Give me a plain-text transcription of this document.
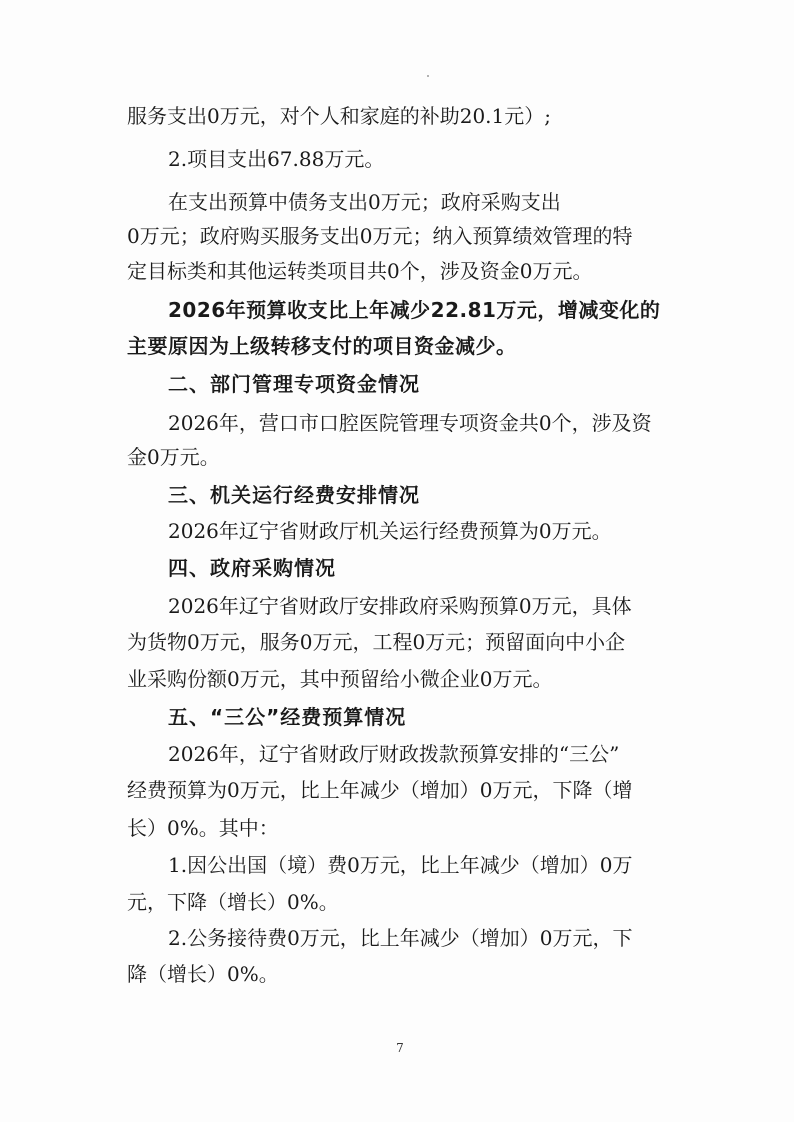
服务支出0万元，对个人和家庭的补助20.1元）;
2.项目支出67.88万元。
在支出预算中债务支出0万元；政府采购支出
0万元；政府购买服务支出0万元；纳入预算绩效管理的特
定目标类和其他运转类项目共0个，涉及资金0万元。
2026年预算收支比上年减少22.81万元，增减变化的
主要原因为上级转移支付的项目资金减少。
二、部门管理专项资金情况
2026年，营口市口腔医院管理专项资金共0个，涉及资
金0万元。
三、机关运行经费安排情况
2026年辽宁省财政厅机关运行经费预算为0万元。
四、政府采购情况
2026年辽宁省财政厅安排政府采购预算0万元，具体
为货物0万元，服务0万元，工程0万元；预留面向中小企
业采购份额0万元，其中预留给小微企业0万元。
五、“三公”经费预算情况
2026年，辽宁省财政厅财政拨款预算安排的“三公”
经费预算为0万元，比上年减少（增加）0万元，下降（增
长）0%。其中：
1.因公出国（境）费0万元，比上年减少（增加）0万
元，下降（增长）0%。
2.公务接待费0万元，比上年减少（增加）0万元，下
降（增长）0%。
7
